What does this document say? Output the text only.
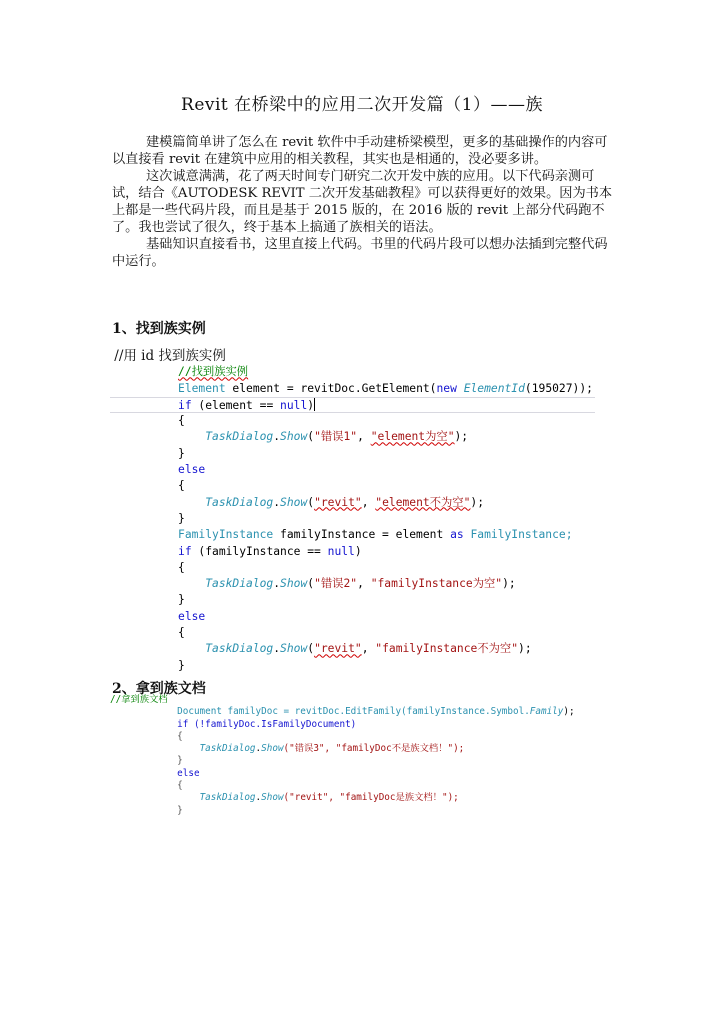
Revit 在桥梁中的应用二次开发篇（1）——族

建模篇简单讲了怎么在 revit 软件中手动建桥梁模型，更多的基础操作的内容可以直接看 revit 在建筑中应用的相关教程，其实也是相通的，没必要多讲。

这次诚意满满，花了两天时间专门研究二次开发中族的应用。以下代码亲测可试，结合《AUTODESK REVIT 二次开发基础教程》可以获得更好的效果。因为书本上都是一些代码片段，而且是基于 2015 版的，在 2016 版的 revit 上部分代码跑不了。我也尝试了很久，终于基本上搞通了族相关的语法。

基础知识直接看书，这里直接上代码。书里的代码片段可以想办法插到完整代码中运行。

1、找到族实例
//用 id 找到族实例
//找到族实例
Element element = revitDoc.GetElement(new ElementId(195027));
if (element == null)
{
TaskDialog.Show("错误1", "element为空");
}
else
{
TaskDialog.Show("revit", "element不为空");
}
FamilyInstance familyInstance = element as FamilyInstance;
if (familyInstance == null)
{
TaskDialog.Show("错误2", "familyInstance为空");
}
else
{
TaskDialog.Show("revit", "familyInstance不为空");
}
2、拿到族文档
//拿到族文档
Document familyDoc = revitDoc.EditFamily(familyInstance.Symbol.Family);
if (!familyDoc.IsFamilyDocument)
{
TaskDialog.Show("错误3", "familyDoc不是族文档！");
}
else
{
TaskDialog.Show("revit", "familyDoc是族文档！");
}
